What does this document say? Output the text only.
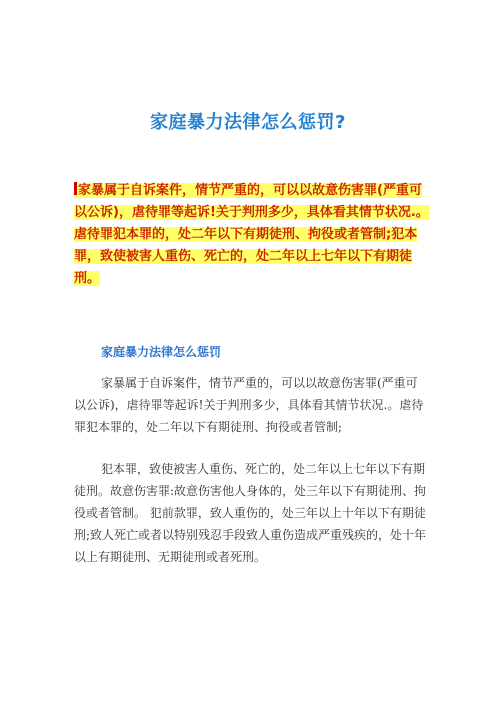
家庭暴力法律怎么惩罚?
家暴属于自诉案件，情节严重的，可以以故意伤害罪(严重可以公诉)，虐待罪等起诉!关于判刑多少，具体看其情节状况.。虐待罪犯本罪的，处二年以下有期徒刑、拘役或者管制;犯本罪，致使被害人重伤、死亡的，处二年以上七年以下有期徒刑。
家庭暴力法律怎么惩罚

家暴属于自诉案件，情节严重的，可以以故意伤害罪(严重可以公诉)，虐待罪等起诉!关于判刑多少，具体看其情节状况.。虐待罪犯本罪的，处二年以下有期徒刑、拘役或者管制;

犯本罪，致使被害人重伤、死亡的，处二年以上七年以下有期徒刑。故意伤害罪:故意伤害他人身体的，处三年以下有期徒刑、拘役或者管制。 犯前款罪，致人重伤的，处三年以上十年以下有期徒刑;致人死亡或者以特别残忍手段致人重伤造成严重残疾的，处十年以上有期徒刑、无期徒刑或者死刑。
